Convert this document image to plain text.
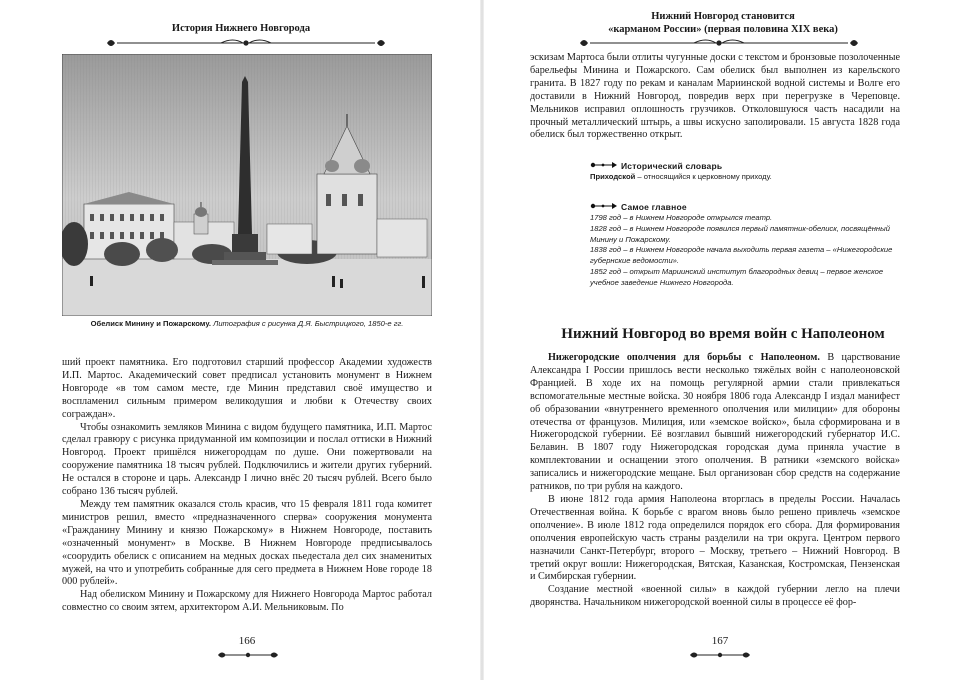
История Нижнего Новгорода
Обелиск Минину и Пожарскому. Литография с рисунка Д.Я. Быстрицкого, 1850-е гг.

ший проект памятника. Его подготовил старший профессор Академии художеств И.П. Мартос. Академический совет предписал установить монумент в Нижнем Новгороде «в том самом месте, где Минин представил своё имущество и воспламенил сильным примером великодушия и любви к Отечеству своих сограждан».

Чтобы ознакомить земляков Минина с видом будущего памятника, И.П. Мартос сделал гравюру с рисунка придуманной им композиции и послал оттиски в Нижний Новгород. Проект пришёлся нижегородцам по душе. Они пожертвовали на сооружение памятника 18 тысяч рублей. Подключились и жители других губерний. Не остался в стороне и царь. Александр I лично внёс 20 тысяч рублей. Всего было собрано 136 тысяч рублей.

Между тем памятник оказался столь красив, что 15 февраля 1811 года комитет министров решил, вместо «предназначенного сперва» сооружения монумента «Гражданину Минину и князю Пожарскому» в Нижнем Новгороде, поставить «означенный монумент» в Москве. В Нижнем Новгороде предписывалось «соорудить обелиск с описанием на медных досках пьедестала дел сих знаменитых мужей, на что и употребить собранные для сего предмета в Нижнем Нове городе 18 000 рублей».

Над обелиском Минину и Пожарскому для Нижнего Новгорода Мартос работал совместно со своим зятем, архитектором А.И. Мельниковым. По

166
Нижний Новгород становится
«карманом России» (первая половина XIX века)

эскизам Мартоса были отлиты чугунные доски с текстом и бронзовые позолоченные барельефы Минина и Пожарского. Сам обелиск был выполнен из карельского гранита. В 1827 году по рекам и каналам Мариинской водной системы и Волге его доставили в Нижний Новгород, повредив верх при перегрузке в Череповце. Мельников исправил оплошность грузчиков. Отколовшуюся часть насадили на прочный металлический штырь, а швы искусно заполировали. 15 августа 1828 года обелиск был торжественно открыт.

Исторический словарь
Приходской – относящийся к церковному приходу.
Самое главное
1798 год – в Нижнем Новгороде открылся театр.
1828 год – в Нижнем Новгороде появился первый памятник-обелиск, посвящённый Минину и Пожарскому.
1838 год – в Нижнем Новгороде начала выходить первая газета – «Нижегородские губернские ведомости».
1852 год – открыт Мариинский институт благородных девиц – первое женское учебное заведение Нижнего Новгорода.
Нижний Новгород во время войн с Наполеоном

Нижегородские ополчения для борьбы с Наполеоном. В царствование Александра I России пришлось вести несколько тяжёлых войн с наполеоновской Францией. В ходе их на помощь регулярной армии стали привлекаться вспомогательные местные войска. 30 ноября 1806 года Александр I издал манифест об образовании «внутреннего временного ополчения или милиции» для обороны отечества от французов. Милиция, или «земское войско», была сформирована и в Нижегородской губернии. Её возглавил бывший нижегородский губернатор И.С. Белавин. В 1807 году Нижегородская городская дума приняла участие в комплектовании и оснащении этого ополчения. В ратники «земского войска» записались и нижегородские мещане. Был организован сбор средств на содержание ратников, по три рубля на каждого.

В июне 1812 года армия Наполеона вторглась в пределы России. Началась Отечественная война. К борьбе с врагом вновь было решено привлечь «земское ополчение». В июле 1812 года определился порядок его сбора. Для формирования ополчения европейскую часть страны разделили на три округа. Центром первого назначили Санкт-Петербург, второго – Москву, третьего – Нижний Новгород. В третий округ вошли: Нижегородская, Вятская, Казанская, Костромская, Пензенская и Симбирская губернии.

Создание местной «военной силы» в каждой губернии легло на плечи дворянства. Начальником нижегородской военной силы в процессе её фор-

167
